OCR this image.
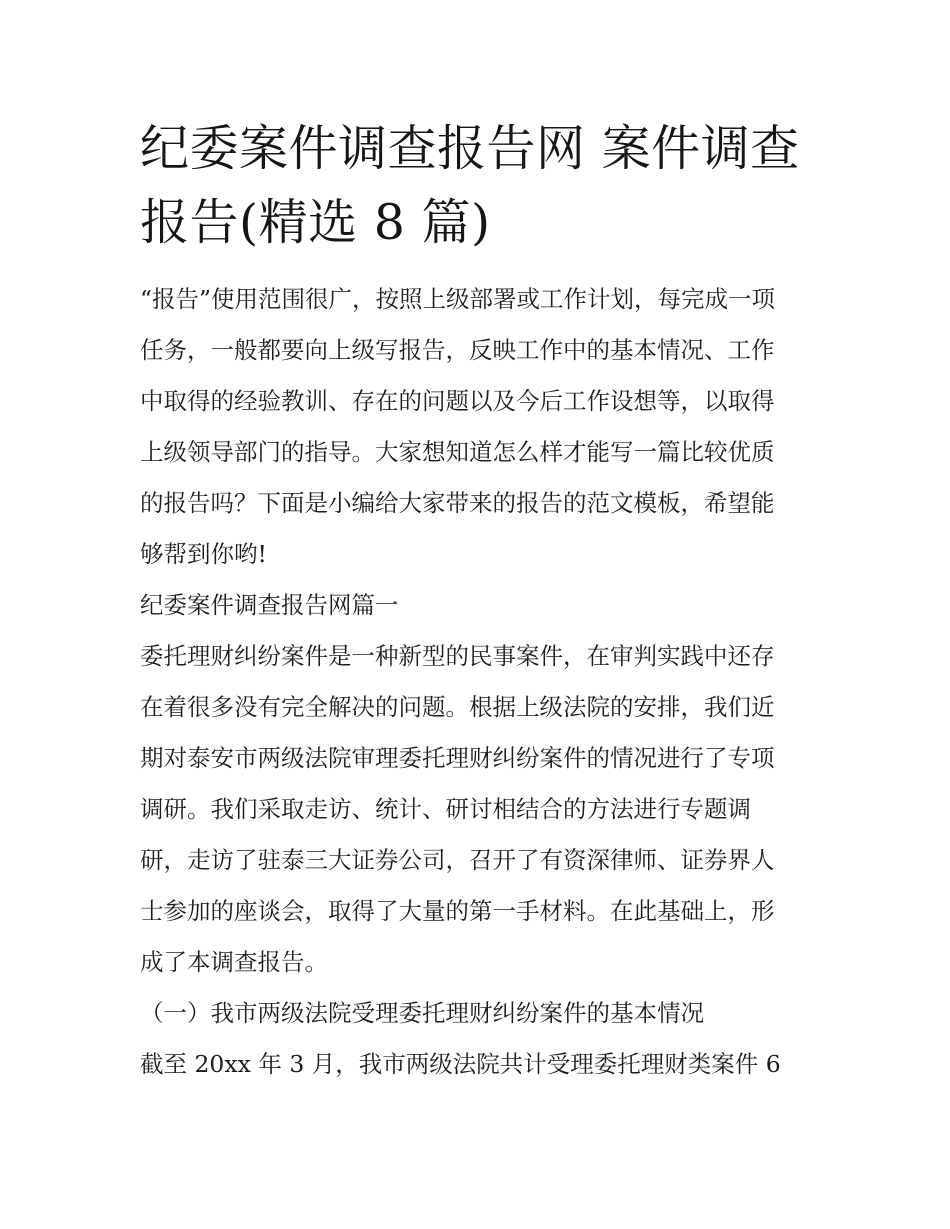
纪委案件调查报告网 案件调查
报告(精选 8 篇)
“报告”使用范围很广，按照上级部署或工作计划，每完成一项
任务，一般都要向上级写报告，反映工作中的基本情况、工作
中取得的经验教训、存在的问题以及今后工作设想等，以取得
上级领导部门的指导。大家想知道怎么样才能写一篇比较优质
的报告吗？下面是小编给大家带来的报告的范文模板，希望能
够帮到你哟!
纪委案件调查报告网篇一
委托理财纠纷案件是一种新型的民事案件，在审判实践中还存
在着很多没有完全解决的问题。根据上级法院的安排，我们近
期对泰安市两级法院审理委托理财纠纷案件的情况进行了专项
调研。我们采取走访、统计、研讨相结合的方法进行专题调
研，走访了驻泰三大证券公司，召开了有资深律师、证券界人
士参加的座谈会，取得了大量的第一手材料。在此基础上，形
成了本调查报告。
（一）我市两级法院受理委托理财纠纷案件的基本情况
截至 20xx 年 3 月，我市两级法院共计受理委托理财类案件 6
